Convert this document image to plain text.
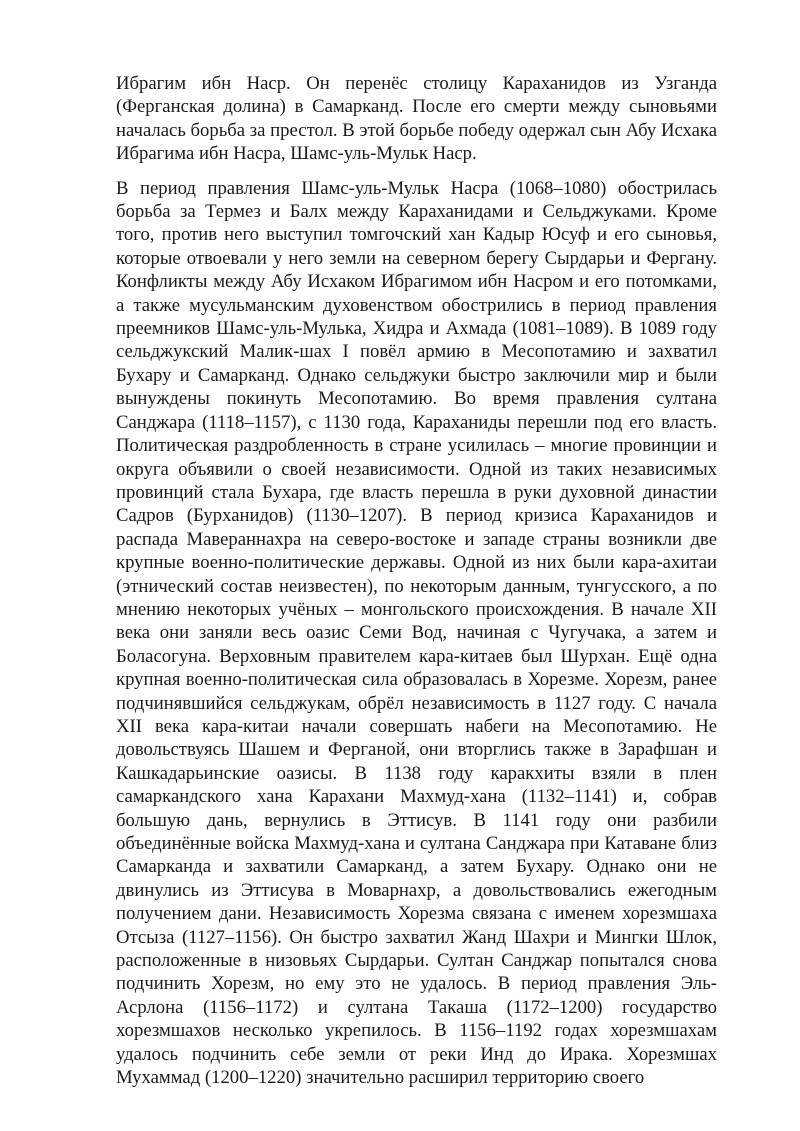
Ибрагим ибн Наср. Он перенёс столицу Караханидов из Узганда (Ферганская долина) в Самарканд. После его смерти между сыновьями началась борьба за престол. В этой борьбе победу одержал сын Абу Исхака Ибрагима ибн Насра, Шамс-уль-Мульк Наср.

В период правления Шамс-уль-Мульк Насра (1068–1080) обострилась борьба за Термез и Балх между Караханидами и Сельджуками. Кроме того, против него выступил томгочский хан Кадыр Юсуф и его сыновья, которые отвоевали у него земли на северном берегу Сырдарьи и Фергану. Конфликты между Абу Исхаком Ибрагимом ибн Насром и его потомками, а также мусульманским духовенством обострились в период правления преемников Шамс-уль-Мулька, Хидра и Ахмада (1081–1089). В 1089 году сельджукский Малик-шах I повёл армию в Месопотамию и захватил Бухару и Самарканд. Однако сельджуки быстро заключили мир и были вынуждены покинуть Месопотамию. Во время правления султана Санджара (1118–1157), с 1130 года, Караханиды перешли под его власть. Политическая раздробленность в стране усилилась – многие провинции и округа объявили о своей независимости. Одной из таких независимых провинций стала Бухара, где власть перешла в руки духовной династии Садров (Бурханидов) (1130–1207). В период кризиса Караханидов и распада Мавераннахра на северо-востоке и западе страны возникли две крупные военно-политические державы. Одной из них были кара-ахитаи (этнический состав неизвестен), по некоторым данным, тунгусского, а по мнению некоторых учёных – монгольского происхождения. В начале XII века они заняли весь оазис Семи Вод, начиная с Чугучака, а затем и Боласогуна. Верховным правителем кара-китаев был Шурхан. Ещё одна крупная военно-политическая сила образовалась в Хорезме. Хорезм, ранее подчинявшийся сельджукам, обрёл независимость в 1127 году. С начала XII века кара-китаи начали совершать набеги на Месопотамию. Не довольствуясь Шашем и Ферганой, они вторглись также в Зарафшан и Кашкадарьинские оазисы. В 1138 году каракхиты взяли в плен самаркандского хана Карахани Махмуд-хана (1132–1141) и, собрав большую дань, вернулись в Эттисув. В 1141 году они разбили объединённые войска Махмуд-хана и султана Санджара при Катаване близ Самарканда и захватили Самарканд, а затем Бухару. Однако они не двинулись из Эттисува в Моварнахр, а довольствовались ежегодным получением дани. Независимость Хорезма связана с именем хорезмшаха Отсыза (1127–1156). Он быстро захватил Жанд Шахри и Мингки Шлок, расположенные в низовьях Сырдарьи. Султан Санджар попытался снова подчинить Хорезм, но ему это не удалось. В период правления Эль-Асрлона (1156–1172) и султана Такаша (1172–1200) государство хорезмшахов несколько укрепилось. В 1156–1192 годах хорезмшахам удалось подчинить себе земли от реки Инд до Ирака. Хорезмшах Мухаммад (1200–1220) значительно расширил территорию своего
